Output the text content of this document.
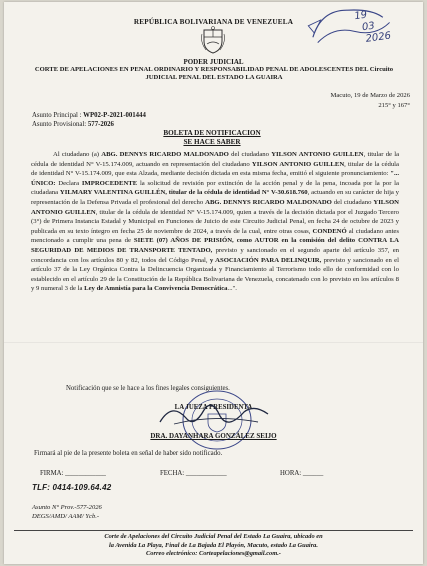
REPÚBLICA BOLIVARIANA DE VENEZUELA
PODER JUDICIAL
CORTE DE APELACIONES EN PENAL ORDINARIO Y RESPONSABILIDAD PENAL DE ADOLESCENTES DEL Circuito JUDICIAL PENAL DEL ESTADO LA GUAIRA
19
03
2026
Macuto, 19 de Marzo de 2026
215° y 167°
Asunto Principal : WP02-P-2021-001444
Asunto Provisional: 577-2026
BOLETA DE NOTIFICACION
SE HACE SABER

Al ciudadano (a) ABG. DENNYS RICARDO MALDONADO del ciudadano YILSON ANTONIO GUILLEN, titular de la cédula de identidad N° V-15.174.009, actuando en representación del ciudadano YILSON ANTONIO GUILLEN, titular de la cédula de identidad N° V-15.174.009, que esta Alzada, mediante decisión dictada en esta misma fecha, emitió el siguiente pronunciamiento: "... ÚNICO: Declara IMPROCEDENTE la solicitud de revisión por extinción de la acción penal y de la pena, incoada por la por la ciudadana YILMARY VALENTINA GUILLÉN, titular de la cédula de identidad N° V-30.618.760, actuando en su carácter de hija y representación de la Defensa Privada el profesional del derecho ABG. DENNYS RICARDO MALDONADO del ciudadano YILSON ANTONIO GUILLEN, titular de la cédula de identidad N° V-15.174.009, quien a través de la decisión dictada por el Juzgado Tercero (3°) de Primera Instancia Estadal y Municipal en Funciones de Juicio de este Circuito Judicial Penal, en fecha 24 de octubre de 2023 y publicada en su texto íntegro en fecha 25 de noviembre de 2024, a través de la cual, entre otras cosas, CONDENÓ al ciudadano antes mencionado a cumplir una pena de SIETE (07) AÑOS DE PRISIÓN, como AUTOR en la comisión del delito CONTRA LA SEGURIDAD DE MEDIOS DE TRANSPORTE TENTADO, previsto y sancionado en el segundo aparte del artículo 357, en concordancia con los artículos 80 y 82, todos del Código Penal, y ASOCIACIÓN PARA DELINQUIR, previsto y sancionado en el artículo 37 de la Ley Orgánica Contra la Delincuencia Organizada y Financiamiento al Terrorismo todo ello de conformidad con lo establecido en el artículo 29 de la Constitución de la República Bolivariana de Venezuela, concatenado con lo previsto en los artículos 8 y 9 numeral 3 de la Ley de Amnistía para la Convivencia Democrática...".

Notificación que se le hace a los fines legales consiguientes.
LA JUEZA PRESIDENTA
DRA. DAYANHARA GONZÁLEZ SEIJO
Firmará al pie de la presente boleta en señal de haber sido notificado.
FIRMA: ____________	FECHA: ____________	HORA: ______
TLF: 0414-109.64.42
Asunto N° Prov.-577-2026
DEGS/AMD/ AAM/ Ycb.-
Corte de Apelaciones del Circuito Judicial Penal del Estado La Guaira, ubicado en
la Avenida La Playa, Final de La Bajada El Playón, Macuto, estado La Guaira.
Correo electrónico: Corteapelaciones@gmail.com.-
